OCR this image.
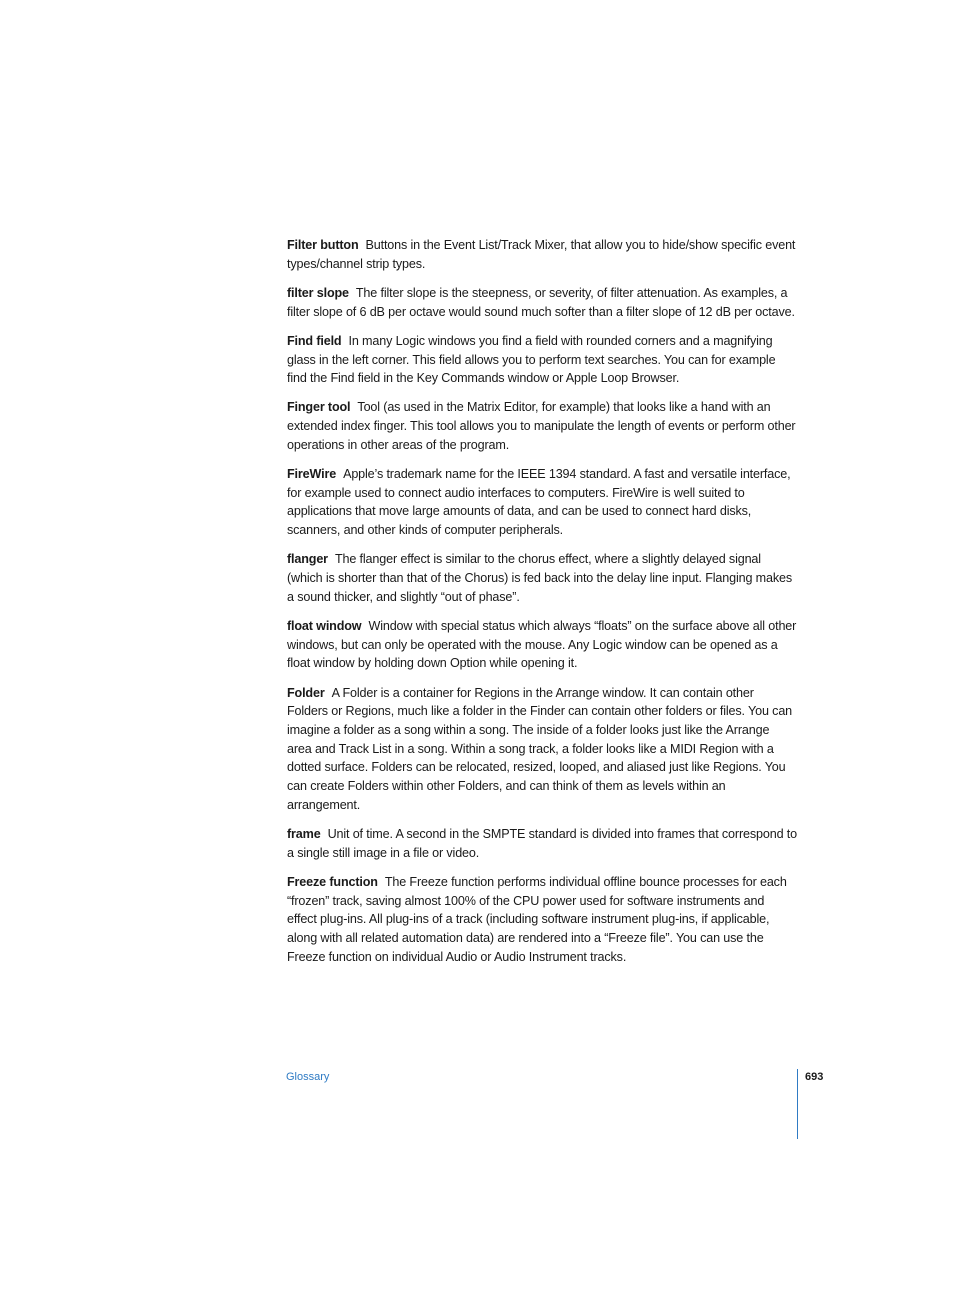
Filter button Buttons in the Event List/Track Mixer, that allow you to hide/show specific event types/channel strip types.

filter slope The filter slope is the steepness, or severity, of filter attenuation. As examples, a filter slope of 6 dB per octave would sound much softer than a filter slope of 12 dB per octave.

Find field In many Logic windows you find a field with rounded corners and a magnifying glass in the left corner. This field allows you to perform text searches. You can for example find the Find field in the Key Commands window or Apple Loop Browser.

Finger tool Tool (as used in the Matrix Editor, for example) that looks like a hand with an extended index finger. This tool allows you to manipulate the length of events or perform other operations in other areas of the program.

FireWire Apple’s trademark name for the IEEE 1394 standard. A fast and versatile interface, for example used to connect audio interfaces to computers. FireWire is well suited to applications that move large amounts of data, and can be used to connect hard disks, scanners, and other kinds of computer peripherals.

flanger The flanger effect is similar to the chorus effect, where a slightly delayed signal (which is shorter than that of the Chorus) is fed back into the delay line input. Flanging makes a sound thicker, and slightly “out of phase”.

float window Window with special status which always “floats” on the surface above all other windows, but can only be operated with the mouse. Any Logic window can be opened as a float window by holding down Option while opening it.

Folder A Folder is a container for Regions in the Arrange window. It can contain other Folders or Regions, much like a folder in the Finder can contain other folders or files. You can imagine a folder as a song within a song. The inside of a folder looks just like the Arrange area and Track List in a song. Within a song track, a folder looks like a MIDI Region with a dotted surface. Folders can be relocated, resized, looped, and aliased just like Regions. You can create Folders within other Folders, and can think of them as levels within an arrangement.

frame Unit of time. A second in the SMPTE standard is divided into frames that correspond to a single still image in a file or video.

Freeze function The Freeze function performs individual offline bounce processes for each “frozen” track, saving almost 100% of the CPU power used for software instruments and effect plug-ins. All plug-ins of a track (including software instrument plug-ins, if applicable, along with all related automation data) are rendered into a “Freeze file”. You can use the Freeze function on individual Audio or Audio Instrument tracks.

Glossary	693
